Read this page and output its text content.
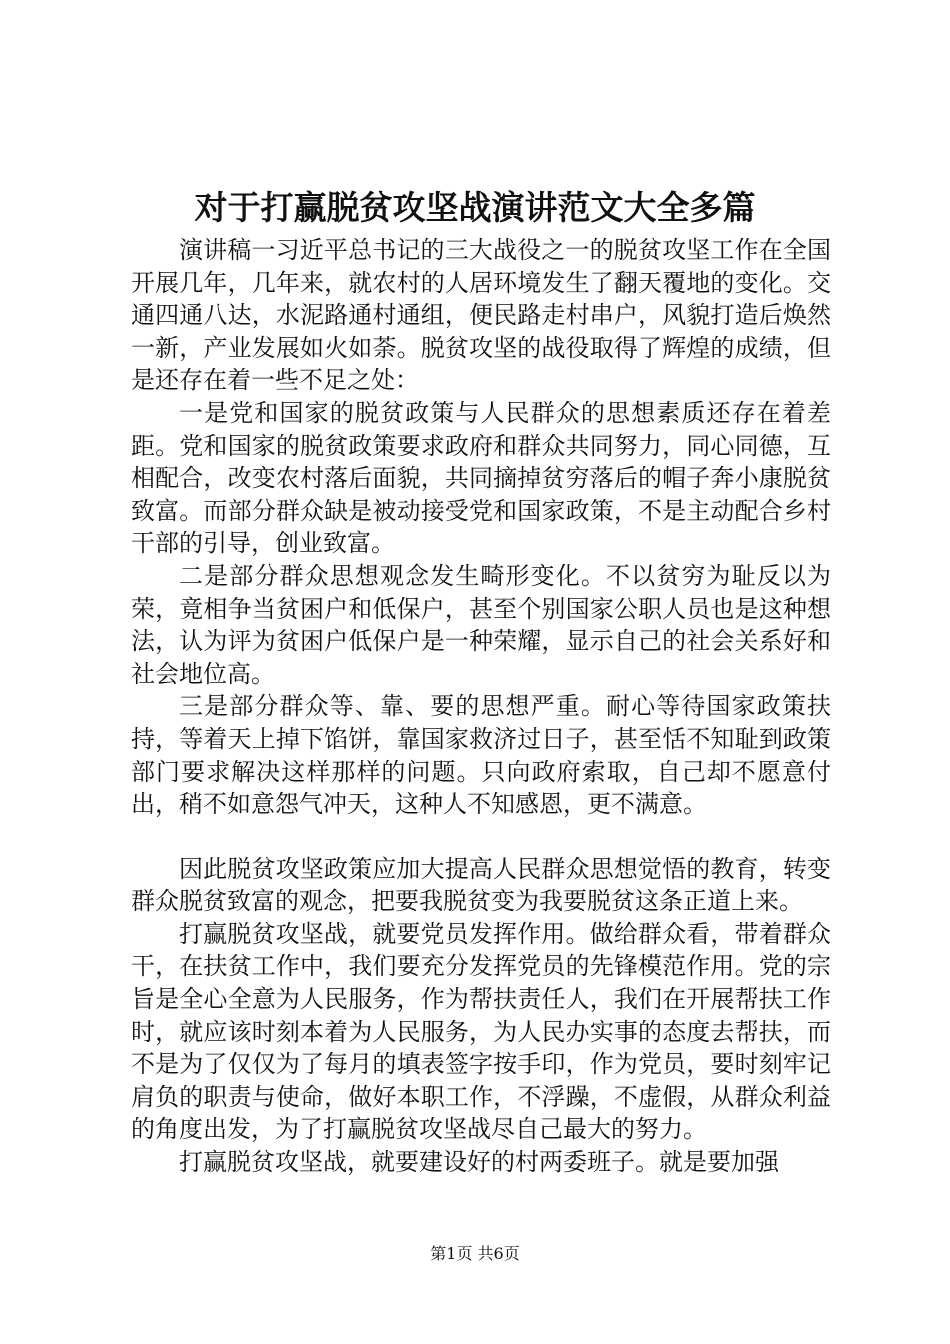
对于打赢脱贫攻坚战演讲范文大全多篇

演讲稿一习近平总书记的三大战役之一的脱贫攻坚工作在全国开展几年，几年来，就农村的人居环境发生了翻天覆地的变化。交通四通八达，水泥路通村通组，便民路走村串户，风貌打造后焕然一新，产业发展如火如荼。脱贫攻坚的战役取得了辉煌的成绩，但是还存在着一些不足之处：

一是党和国家的脱贫政策与人民群众的思想素质还存在着差距。党和国家的脱贫政策要求政府和群众共同努力，同心同德，互相配合，改变农村落后面貌，共同摘掉贫穷落后的帽子奔小康脱贫致富。而部分群众缺是被动接受党和国家政策，不是主动配合乡村干部的引导，创业致富。

二是部分群众思想观念发生畸形变化。不以贫穷为耻反以为荣，竟相争当贫困户和低保户，甚至个别国家公职人员也是这种想法，认为评为贫困户低保户是一种荣耀，显示自己的社会关系好和社会地位高。

三是部分群众等、靠、要的思想严重。耐心等待国家政策扶持，等着天上掉下馅饼，靠国家救济过日子，甚至恬不知耻到政策部门要求解决这样那样的问题。只向政府索取，自己却不愿意付出，稍不如意怨气冲天，这种人不知感恩，更不满意。

因此脱贫攻坚政策应加大提高人民群众思想觉悟的教育，转变群众脱贫致富的观念，把要我脱贫变为我要脱贫这条正道上来。

打赢脱贫攻坚战，就要党员发挥作用。做给群众看，带着群众干，在扶贫工作中，我们要充分发挥党员的先锋模范作用。党的宗旨是全心全意为人民服务，作为帮扶责任人，我们在开展帮扶工作时，就应该时刻本着为人民服务，为人民办实事的态度去帮扶，而不是为了仅仅为了每月的填表签字按手印，作为党员，要时刻牢记肩负的职责与使命，做好本职工作，不浮躁，不虚假，从群众利益的角度出发，为了打赢脱贫攻坚战尽自己最大的努力。

打赢脱贫攻坚战，就要建设好的村两委班子。就是要加强

第1页 共6页
